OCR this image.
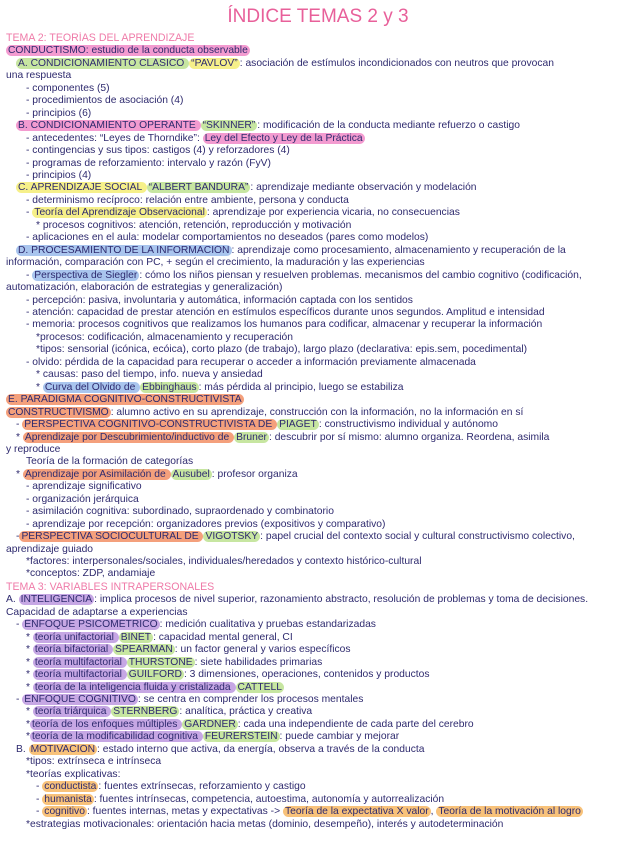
ÍNDICE TEMAS 2 y 3
TEMA 2: TEORÍAS DEL APRENDIZAJE
CONDUCTISMO: estudio de la conducta observable
A. CONDICIONAMIENTO CLÁSICO “PAVLOV” : asociación de estímulos incondicionados con neutros que provocan
una respuesta
- componentes (5)
- procedimientos de asociación (4)
- principios (6)
B. CONDICIONAMIENTO OPERANTE “SKINNER” : modificación de la conducta mediante refuerzo o castigo
- antecedentes: “Leyes de Thorndike”: Ley del Efecto y Ley de la Práctica
- contingencias y sus tipos: castigos (4) y reforzadores (4)
- programas de reforzamiento: intervalo y razón (FyV)
- principios (4)
C. APRENDIZAJE SOCIAL “ALBERT BANDURA” : aprendizaje mediante observación y modelación
- determinismo recíproco: relación entre ambiente, persona y conducta
- Teoría del Aprendizaje Observacional : aprendizaje por experiencia vicaria, no consecuencias
* procesos cognitivos: atención, retención, reproducción y motivación
- aplicaciones en el aula: modelar comportamientos no deseados (pares como modelos)
D. PROCESAMIENTO DE LA INFORMACIÓN : aprendizaje como procesamiento, almacenamiento y recuperación de la
información, comparación con PC, + según el crecimiento, la maduración y las experiencias
- Perspectiva de Siegler : cómo los niños piensan y resuelven problemas. mecanismos del cambio cognitivo (codificación,
automatización, elaboración de estrategias y generalización)
- percepción: pasiva, involuntaria y automática, información captada con los sentidos
- atención: capacidad de prestar atención en estímulos específicos durante unos segundos. Amplitud e intensidad
- memoria: procesos cognitivos que realizamos los humanos para codificar, almacenar y recuperar la información
*procesos: codificación, almacenamiento y recuperación
*tipos: sensorial (icónica, ecóica), corto plazo (de trabajo), largo plazo (declarativa: epis.sem, pocedimental)
- olvido: pérdida de la capacidad para recuperar o acceder a información previamente almacenada
* causas: paso del tiempo, info. nueva y ansiedad
* Curva del Olvido de Ebbinghaus : más pérdida al principio, luego se estabiliza
E. PARADIGMA COGNITIVO-CONSTRUCTIVISTA
CONSTRUCTIVISMO : alumno activo en su aprendizaje, construcción con la información, no la información en sí
- PERSPECTIVA COGNITIVO-CONSTRUCTIVISTA DE PIAGET : constructivismo individual y autónomo
* Aprendizaje por Descubrimiento/inductivo de Bruner : descubrir por sí mismo: alumno organiza. Reordena, asimila
y reproduce
Teoría de la formación de categorías
* Aprendizaje por Asimilación de Ausubel : profesor organiza
- aprendizaje significativo
- organización jerárquica
- asimilación cognitiva: subordinado, supraordenado y combinatorio
- aprendizaje por recepción: organizadores previos (expositivos y comparativo)
- PERSPECTIVA SOCIOCULTURAL DE VIGOTSKY : papel crucial del contexto social y cultural constructivismo colectivo,
aprendizaje guiado
*factores: interpersonales/sociales, individuales/heredados y contexto histórico-cultural
*conceptos: ZDP, andamiaje
TEMA 3: VARIABLES INTRAPERSONALES
A. INTELIGENCIA : implica procesos de nivel superior, razonamiento abstracto, resolución de problemas y toma de decisiones.
Capacidad de adaptarse a experiencias
- ENFOQUE PSICOMÉTRICO : medición cualitativa y pruebas estandarizadas
* teoría unifactorial BINET : capacidad mental general, CI
* teoría bifactorial SPEARMAN : un factor general y varios específicos
* teoría multifactorial THURSTONE : siete habilidades primarias
* teoría multifactorial GUILFORD : 3 dimensiones, operaciones, contenidos y productos
* teoría de la inteligencia fluida y cristalizada CATTELL
- ENFOQUE COGNITIVO : se centra en comprender los procesos mentales
* teoría triárquica STERNBERG : analítica, práctica y creativa
* teoría de los enfoques múltiples GARDNER : cada una independiente de cada parte del cerebro
* teoría de la modificabilidad cognitiva FEURERSTEIN : puede cambiar y mejorar
B. MOTIVACIÓN : estado interno que activa, da energía, observa a través de la conducta
*tipos: extrínseca e intrínseca
*teorías explicativas:
- conductista : fuentes extrínsecas, reforzamiento y castigo
- humanista : fuentes intrínsecas, competencia, autoestima, autonomía y autorrealización
- cognitivo : fuentes internas, metas y expectativas -> Teoría de la expectativa X valor , Teoría de la motivación al logro
*estrategias motivacionales: orientación hacia metas (dominio, desempeño), interés y autodeterminación
